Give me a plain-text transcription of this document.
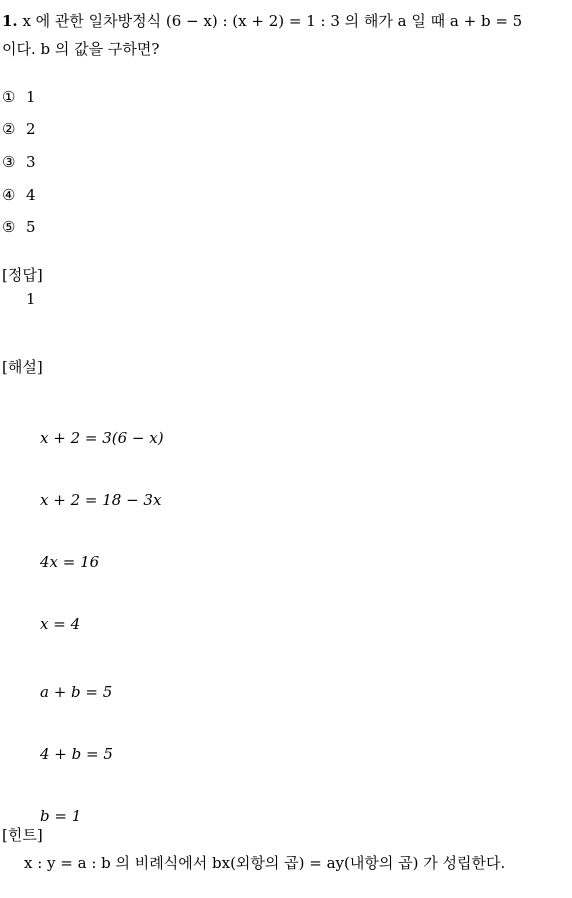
1. x 에 관한 일차방정식 (6 − x) : (x + 2) = 1 : 3 의 해가 a 일 때 a + b = 5
이다. b 의 값을 구하면?
① 1
② 2
③ 3
④ 4
⑤ 5
[정답]
1
[해설]
x + 2 = 3(6 − x)
x + 2 = 18 − 3x
4x = 16
x = 4
a + b = 5
4 + b = 5
b = 1
[힌트]
x : y = a : b 의 비례식에서 bx(외항의 곱) = ay(내항의 곱) 가 성립한다.
